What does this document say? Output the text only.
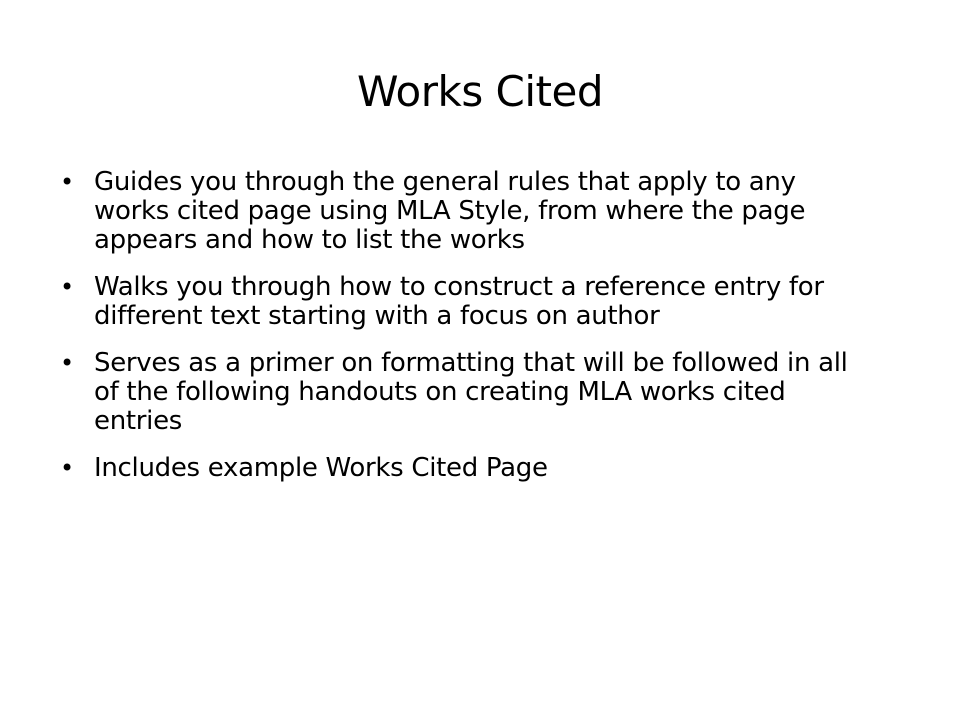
Works Cited
• Guides you through the general rules that apply to any works cited page using MLA Style, from where the page appears and how to list the works
• Walks you through how to construct a reference entry for different text starting with a focus on author
• Serves as a primer on formatting that will be followed in all of the following handouts on creating MLA works cited entries
• Includes example Works Cited Page
